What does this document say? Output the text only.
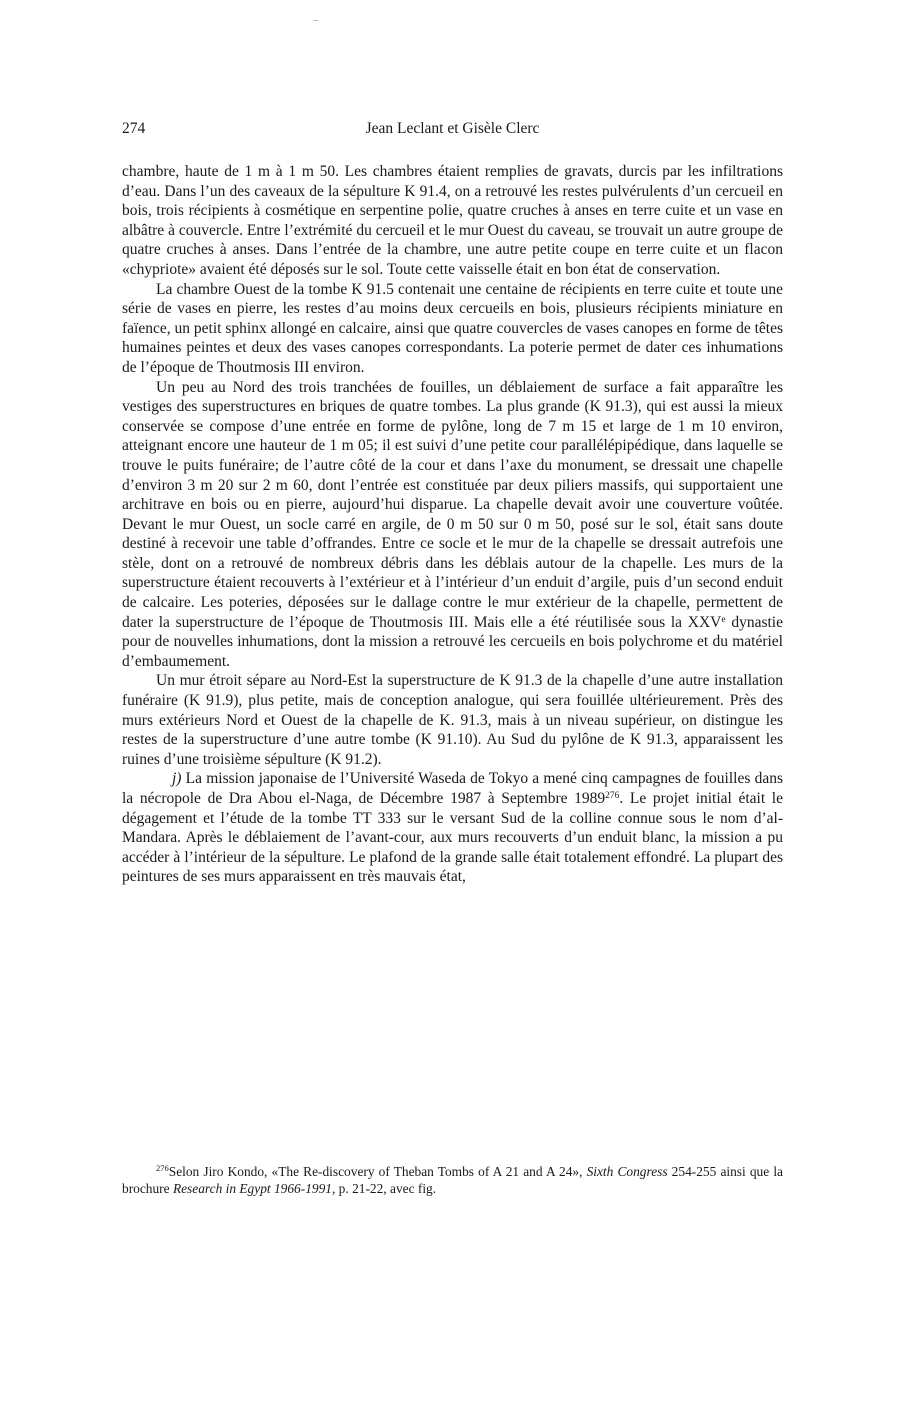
274	Jean Leclant et Gisèle Clerc

chambre, haute de 1 m à 1 m 50. Les chambres étaient remplies de gravats, durcis par les infiltrations d’eau. Dans l’un des caveaux de la sépulture K 91.4, on a retrouvé les restes pulvérulents d’un cercueil en bois, trois récipients à cosmétique en serpentine polie, quatre cruches à anses en terre cuite et un vase en albâtre à couvercle. Entre l’extrémité du cercueil et le mur Ouest du caveau, se trouvait un autre groupe de quatre cruches à anses. Dans l’entrée de la chambre, une autre petite coupe en terre cuite et un flacon «chypriote» avaient été déposés sur le sol. Toute cette vaisselle était en bon état de conservation.

La chambre Ouest de la tombe K 91.5 contenait une centaine de récipients en terre cuite et toute une série de vases en pierre, les restes d’au moins deux cercueils en bois, plusieurs récipients miniature en faïence, un petit sphinx allongé en calcaire, ainsi que quatre couvercles de vases canopes en forme de têtes humaines peintes et deux des vases canopes correspondants. La poterie permet de dater ces inhumations de l’époque de Thoutmosis III environ.

Un peu au Nord des trois tranchées de fouilles, un déblaiement de surface a fait apparaître les vestiges des superstructures en briques de quatre tombes. La plus grande (K 91.3), qui est aussi la mieux conservée se compose d’une entrée en forme de pylône, long de 7 m 15 et large de 1 m 10 environ, atteignant encore une hauteur de 1 m 05; il est suivi d’une petite cour parallélépipédique, dans laquelle se trouve le puits funéraire; de l’autre côté de la cour et dans l’axe du monument, se dressait une chapelle d’environ 3 m 20 sur 2 m 60, dont l’entrée est constituée par deux piliers massifs, qui supportaient une architrave en bois ou en pierre, aujourd’hui disparue. La chapelle devait avoir une couverture voûtée. Devant le mur Ouest, un socle carré en argile, de 0 m 50 sur 0 m 50, posé sur le sol, était sans doute destiné à recevoir une table d’offrandes. Entre ce socle et le mur de la chapelle se dressait autrefois une stèle, dont on a retrouvé de nombreux débris dans les déblais autour de la chapelle. Les murs de la superstructure étaient recouverts à l’extérieur et à l’intérieur d’un enduit d’argile, puis d’un second enduit de calcaire. Les poteries, déposées sur le dallage contre le mur extérieur de la chapelle, permettent de dater la superstructure de l’époque de Thoutmosis III. Mais elle a été réutilisée sous la XXVe dynastie pour de nouvelles inhumations, dont la mission a retrouvé les cercueils en bois polychrome et du matériel d’embaumement.

Un mur étroit sépare au Nord-Est la superstructure de K 91.3 de la chapelle d’une autre installation funéraire (K 91.9), plus petite, mais de conception analogue, qui sera fouillée ultérieurement. Près des murs extérieurs Nord et Ouest de la chapelle de K. 91.3, mais à un niveau supérieur, on distingue les restes de la superstructure d’une autre tombe (K 91.10). Au Sud du pylône de K 91.3, apparaissent les ruines d’une troisième sépulture (K 91.2).

j) La mission japonaise de l’Université Waseda de Tokyo a mené cinq campagnes de fouilles dans la nécropole de Dra Abou el-Naga, de Décembre 1987 à Septembre 1989$^{276}$. Le projet initial était le dégagement et l’étude de la tombe TT 333 sur le versant Sud de la colline connue sous le nom d’al-Mandara. Après le déblaiement de l’avant-cour, aux murs recouverts d’un enduit blanc, la mission a pu accéder à l’intérieur de la sépulture. Le plafond de la grande salle était totalement effondré. La plupart des peintures de ses murs apparaissent en très mauvais état,

$^{276}$Selon Jiro Kondo, «The Re-discovery of Theban Tombs of A 21 and A 24», Sixth Congress 254-255 ainsi que la brochure Research in Egypt 1966-1991, p. 21-22, avec fig.
